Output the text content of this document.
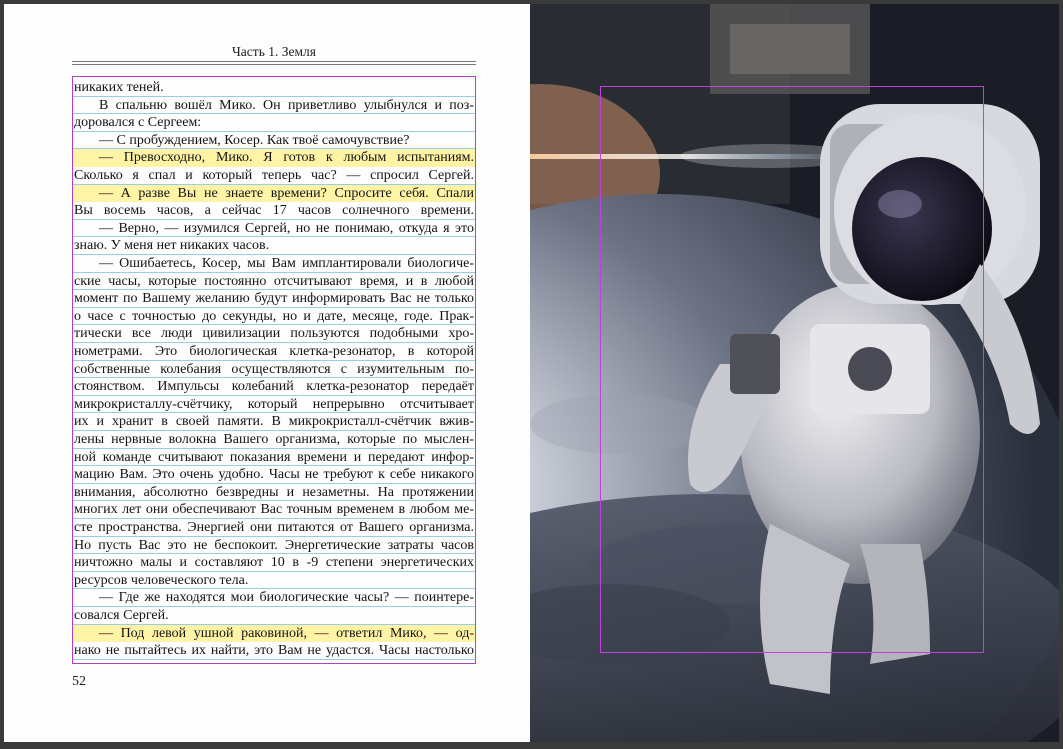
Часть 1. Земля
никаких теней.
В спальню вошёл Мико. Он приветливо улыбнулся и поз-
доровался с Сергеем:
— С пробуждением, Косер. Как твоё самочувствие?
— Превосходно, Мико. Я готов к любым испытаниям.
Сколько я спал и который теперь час? — спросил Сергей.
— А разве Вы не знаете времени? Спросите себя. Спали
Вы восемь часов, а сейчас 17 часов солнечного времени.
— Верно, — изумился Сергей, но не понимаю, откуда я это
знаю. У меня нет никаких часов.
— Ошибаетесь, Косер, мы Вам имплантировали биологиче-
ские часы, которые постоянно отсчитывают время, и в любой
момент по Вашему желанию будут информировать Вас не только
о часе с точностью до секунды, но и дате, месяце, годе. Прак-
тически все люди цивилизации пользуются подобными хро-
нометрами. Это биологическая клетка-резонатор, в которой
собственные колебания осуществляются с изумительным по-
стоянством. Импульсы колебаний клетка-резонатор передаёт
микрокристаллу-счётчику, который непрерывно отсчитывает
их и хранит в своей памяти. В микрокристалл-счётчик вжив-
лены нервные волокна Вашего организма, которые по мыслен-
ной команде считывают показания времени и передают инфор-
мацию Вам. Это очень удобно. Часы не требуют к себе никакого
внимания, абсолютно безвредны и незаметны. На протяжении
многих лет они обеспечивают Вас точным временем в любом ме-
сте пространства. Энергией они питаются от Вашего организма.
Но пусть Вас это не беспокоит. Энергетические затраты часов
ничтожно малы и составляют 10 в -9 степени энергетических
ресурсов человеческого тела.
— Где же находятся мои биологические часы? — поинтере-
совался Сергей.
— Под левой ушной раковиной, — ответил Мико, — од-
нако не пытайтесь их найти, это Вам не удастся. Часы настолько
52
